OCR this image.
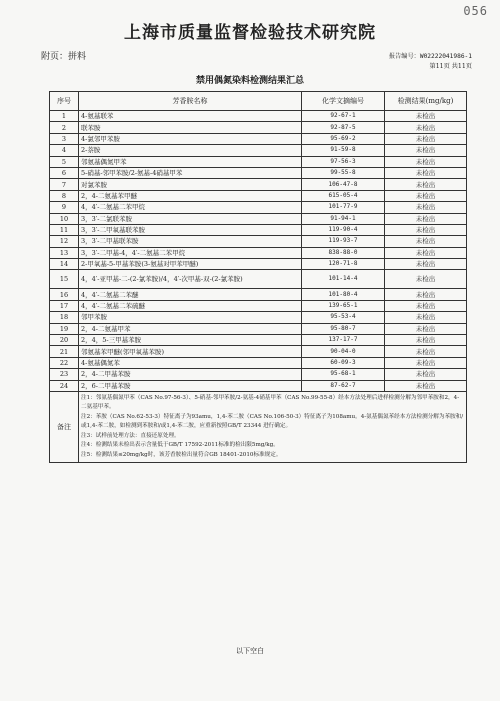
056
上海市质量监督检验技术研究院
附页：拼料	报告编号：W02222041986-1
第11页 共11页
禁用偶氮染料检测结果汇总
序号	芳香胺名称	化学文摘编号	检测结果(mg/kg)
1	4-氨基联苯	92-67-1	未检出
2	联苯胺	92-87-5	未检出
3	4-氯邻甲苯胺	95-69-2	未检出
4	2-萘胺	91-59-8	未检出
5	邻氨基偶氮甲苯	97-56-3	未检出
6	5-硝基-邻甲苯胺/2-氨基-4硝基甲苯	99-55-8	未检出
7	对氯苯胺	106-47-8	未检出
8	2，4-二氨基苯甲醚	615-05-4	未检出
9	4，4′-二氨基二苯甲烷	101-77-9	未检出
10	3，3′-二氯联苯胺	91-94-1	未检出
11	3，3′-二甲氧基联苯胺	119-90-4	未检出
12	3，3′-二甲基联苯胺	119-93-7	未检出
13	3，3′-二甲基-4，4′-二氨基二苯甲烷	838-88-0	未检出
14	2-甲氧基-5-甲基苯胺(3-氨基对甲苯甲醚)	120-71-8	未检出
15	4，4′-亚甲基-二-(2-氯苯胺)/4，4′-次甲基-双-(2-氯苯胺)	101-14-4	未检出
16	4，4′-二氨基二苯醚	101-80-4	未检出
17	4，4′-二氨基二苯硫醚	139-65-1	未检出
18	邻甲苯胺	95-53-4	未检出
19	2，4-二氨基甲苯	95-80-7	未检出
20	2，4，5-三甲基苯胺	137-17-7	未检出
21	邻氨基苯甲醚(邻甲氧基苯胺)	90-04-0	未检出
22	4-氨基偶氮苯	60-09-3	未检出
23	2，4-二甲基苯胺	95-68-1	未检出
24	2，6-二甲基苯胺	87-62-7	未检出
备注	注1：邻氨基偶氮甲苯（CAS No.97-56-3）、5-硝基-邻甲苯胺/2-氨基-4硝基甲苯（CAS No.99-55-8）经本方法处理后进样检测分解为邻甲苯胺和2，4-二氨基甲苯。
注2：苯胺（CAS No.62-53-3）特征离子为93amu，1,4-苯二胺（CAS No.106-50-3）特征离子为108amu。4-氨基偶氮苯经本方法检测分解为苯胺和/或1,4-苯二胺，如检测到苯胺和/或1,4-苯二胺，应重新按照GB/T 23344 进行确定。
注3：试样前处理方法：直接还原处理。
注4：检测结果未检出表示含量低于GB/T 17592-2011标准的检出限5mg/kg。
注5：检测结果≤20mg/kg时，该芳香胺检出量符合GB 18401-2010标准规定。		
以下空白
